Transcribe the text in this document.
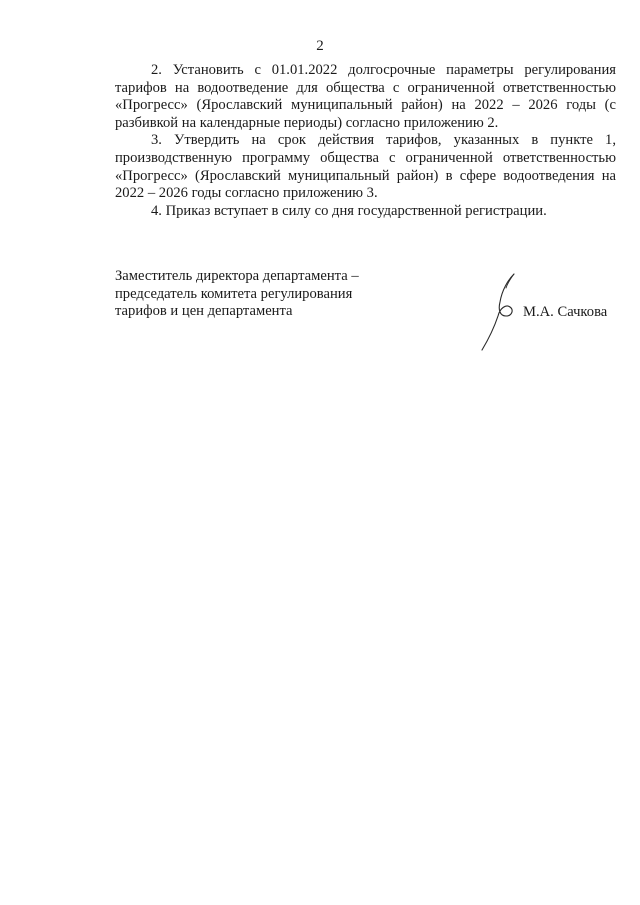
2

2. Установить с 01.01.2022 долгосрочные параметры регулирования тарифов на водоотведение для общества с ограниченной ответственностью «Прогресс» (Ярославский муниципальный район) на 2022 – 2026 годы (с разбивкой на календарные периоды) согласно приложению 2.

3. Утвердить на срок действия тарифов, указанных в пункте 1, производственную программу общества с ограниченной ответственностью «Прогресс» (Ярославский муниципальный район) в сфере водоотведения на 2022 – 2026 годы согласно приложению 3.

4. Приказ вступает в силу со дня государственной регистрации.

Заместитель директора департамента –
председатель комитета регулирования
тарифов и цен департамента	М.А. Сачкова
